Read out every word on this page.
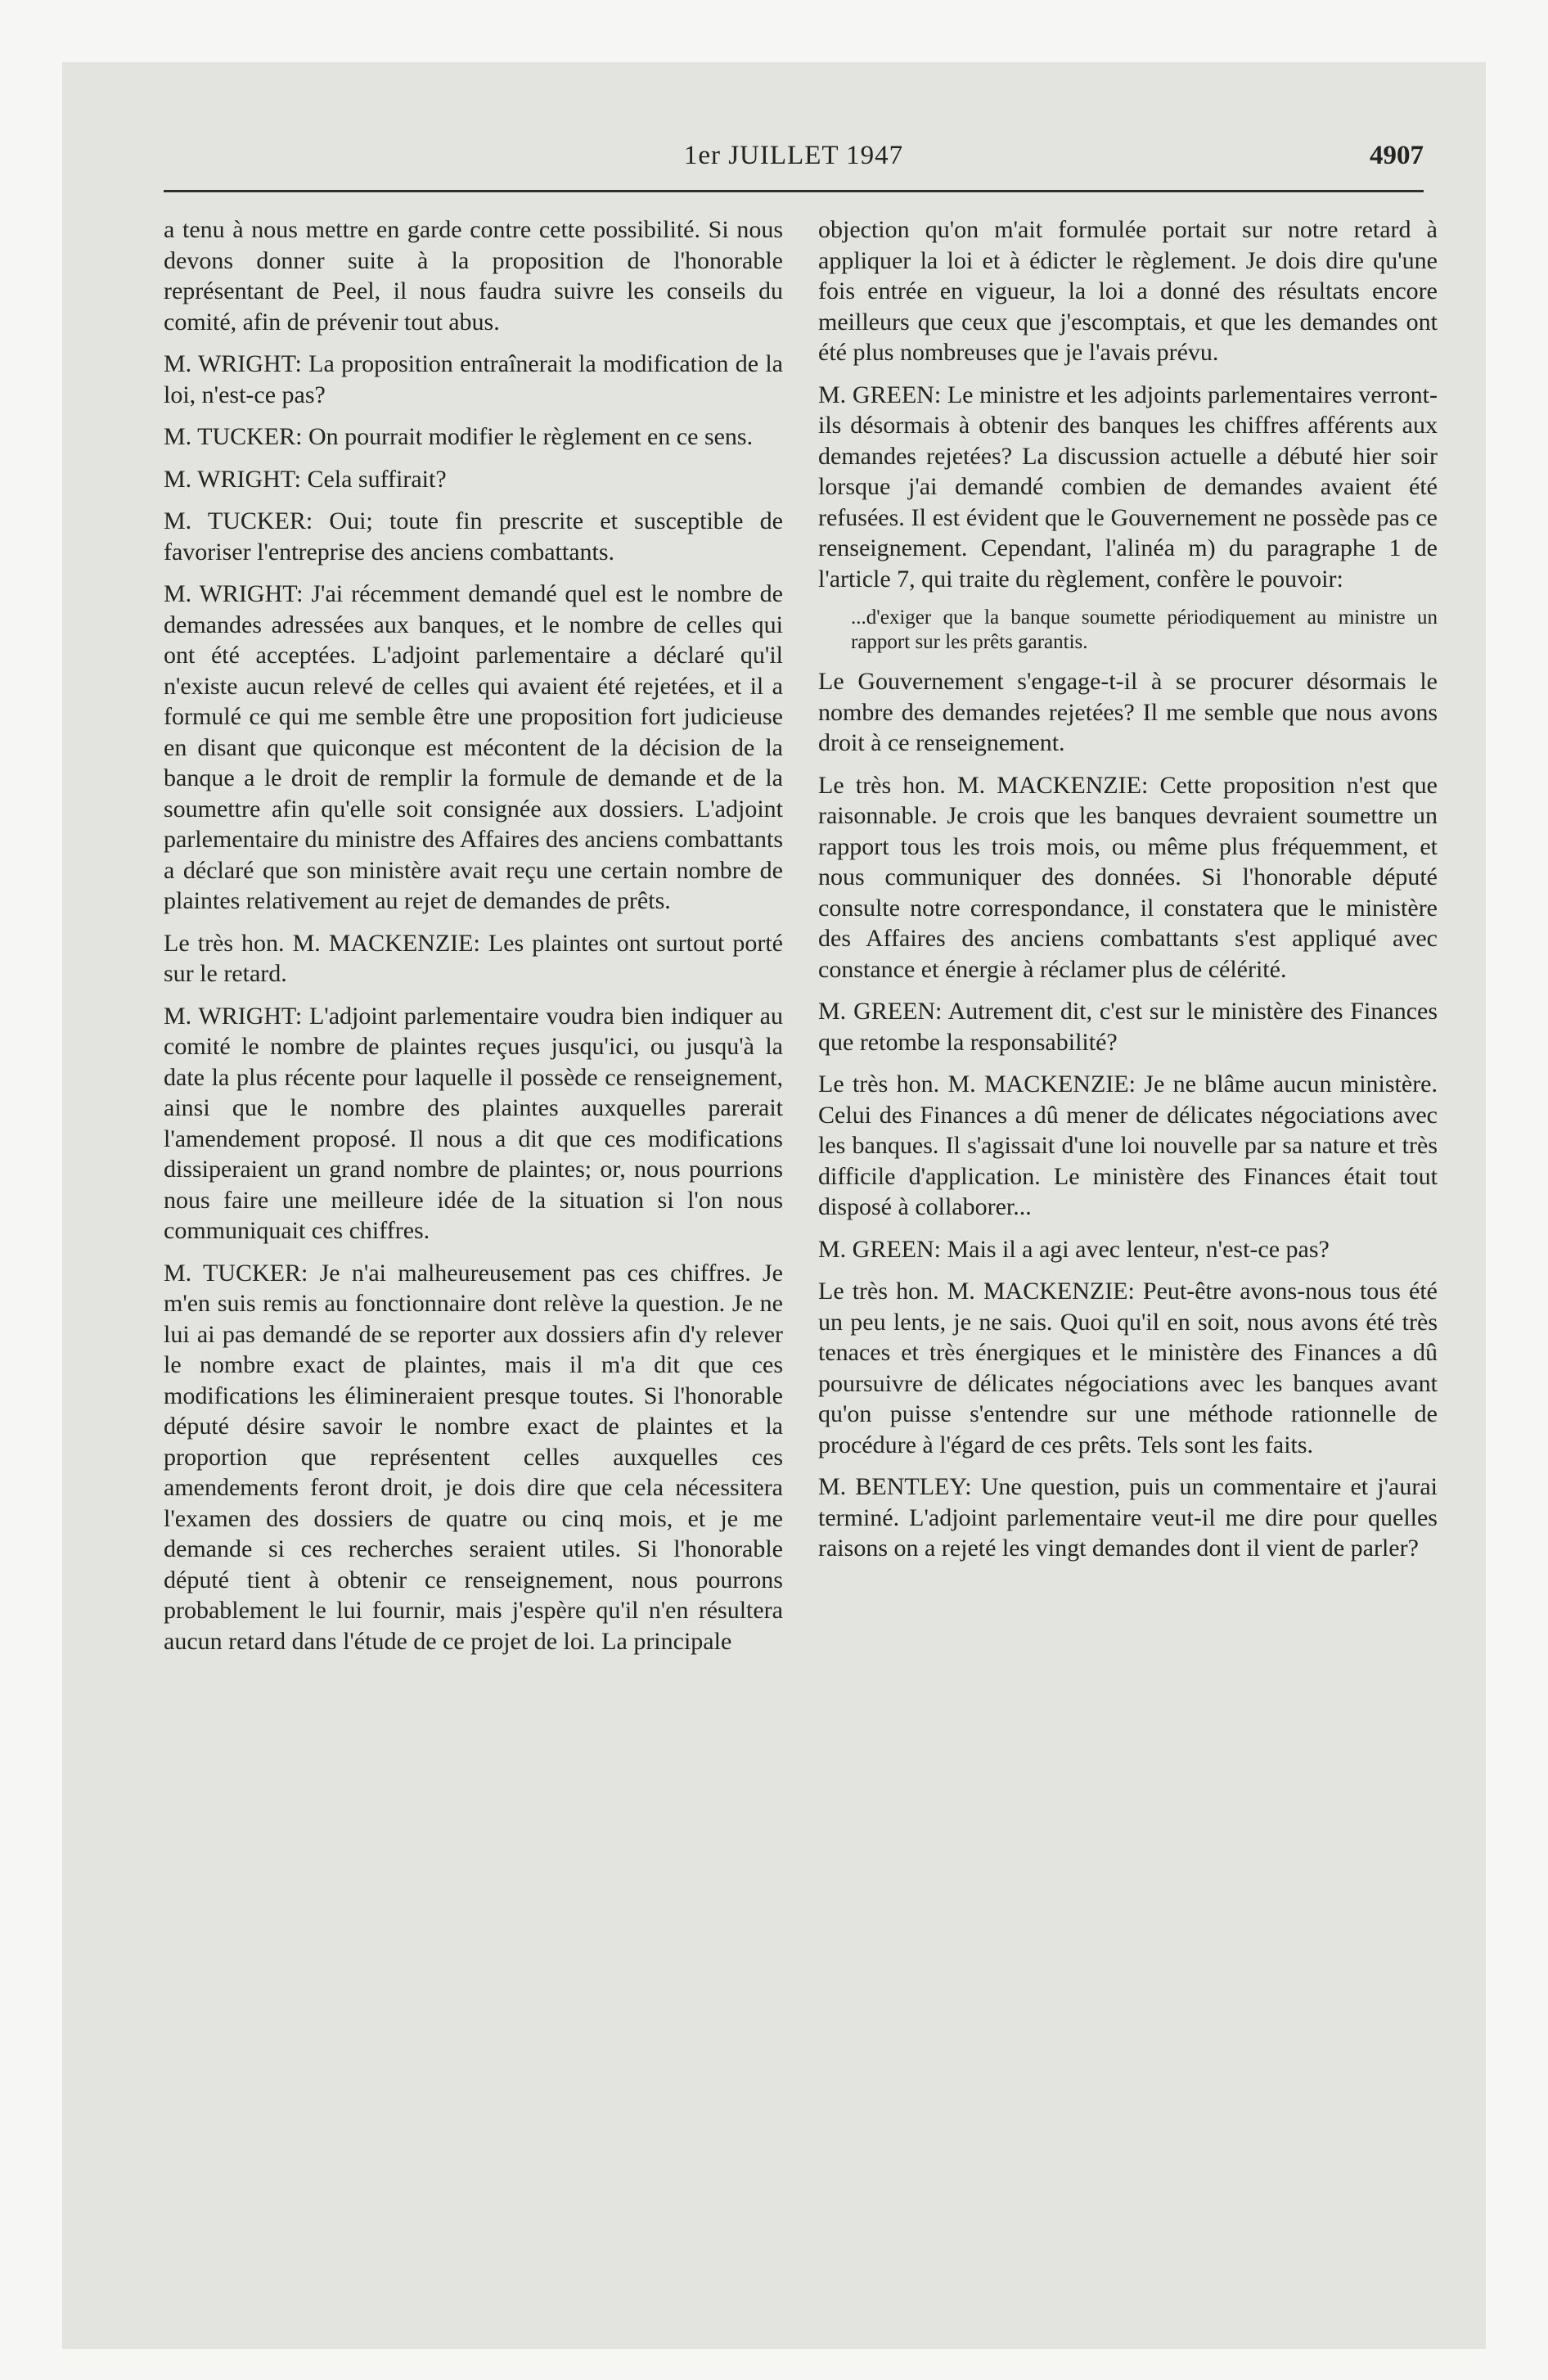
1er JUILLET 1947	4907

a tenu à nous mettre en garde contre cette possibilité. Si nous devons donner suite à la proposition de l'honorable représentant de Peel, il nous faudra suivre les conseils du comité, afin de prévenir tout abus.

M. WRIGHT: La proposition entraînerait la modification de la loi, n'est-ce pas?

M. TUCKER: On pourrait modifier le règlement en ce sens.

M. WRIGHT: Cela suffirait?

M. TUCKER: Oui; toute fin prescrite et susceptible de favoriser l'entreprise des anciens combattants.

M. WRIGHT: J'ai récemment demandé quel est le nombre de demandes adressées aux banques, et le nombre de celles qui ont été acceptées. L'adjoint parlementaire a déclaré qu'il n'existe aucun relevé de celles qui avaient été rejetées, et il a formulé ce qui me semble être une proposition fort judicieuse en disant que quiconque est mécontent de la décision de la banque a le droit de remplir la formule de demande et de la soumettre afin qu'elle soit consignée aux dossiers. L'adjoint parlementaire du ministre des Affaires des anciens combattants a déclaré que son ministère avait reçu une certain nombre de plaintes relativement au rejet de demandes de prêts.

Le très hon. M. MACKENZIE: Les plaintes ont surtout porté sur le retard.

M. WRIGHT: L'adjoint parlementaire voudra bien indiquer au comité le nombre de plaintes reçues jusqu'ici, ou jusqu'à la date la plus récente pour laquelle il possède ce renseignement, ainsi que le nombre des plaintes auxquelles parerait l'amendement proposé. Il nous a dit que ces modifications dissiperaient un grand nombre de plaintes; or, nous pourrions nous faire une meilleure idée de la situation si l'on nous communiquait ces chiffres.

M. TUCKER: Je n'ai malheureusement pas ces chiffres. Je m'en suis remis au fonctionnaire dont relève la question. Je ne lui ai pas demandé de se reporter aux dossiers afin d'y relever le nombre exact de plaintes, mais il m'a dit que ces modifications les élimineraient presque toutes. Si l'honorable député désire savoir le nombre exact de plaintes et la proportion que représentent celles auxquelles ces amendements feront droit, je dois dire que cela nécessitera l'examen des dossiers de quatre ou cinq mois, et je me demande si ces recherches seraient utiles. Si l'honorable député tient à obtenir ce renseignement, nous pourrons probablement le lui fournir, mais j'espère qu'il n'en résultera aucun retard dans l'étude de ce projet de loi. La principale

objection qu'on m'ait formulée portait sur notre retard à appliquer la loi et à édicter le règlement. Je dois dire qu'une fois entrée en vigueur, la loi a donné des résultats encore meilleurs que ceux que j'escomptais, et que les demandes ont été plus nombreuses que je l'avais prévu.

M. GREEN: Le ministre et les adjoints parlementaires verront-ils désormais à obtenir des banques les chiffres afférents aux demandes rejetées? La discussion actuelle a débuté hier soir lorsque j'ai demandé combien de demandes avaient été refusées. Il est évident que le Gouvernement ne possède pas ce renseignement. Cependant, l'alinéa m) du paragraphe 1 de l'article 7, qui traite du règlement, confère le pouvoir:

...d'exiger que la banque soumette périodiquement au ministre un rapport sur les prêts garantis.

Le Gouvernement s'engage-t-il à se procurer désormais le nombre des demandes rejetées? Il me semble que nous avons droit à ce renseignement.

Le très hon. M. MACKENZIE: Cette proposition n'est que raisonnable. Je crois que les banques devraient soumettre un rapport tous les trois mois, ou même plus fréquemment, et nous communiquer des données. Si l'honorable député consulte notre correspondance, il constatera que le ministère des Affaires des anciens combattants s'est appliqué avec constance et énergie à réclamer plus de célérité.

M. GREEN: Autrement dit, c'est sur le ministère des Finances que retombe la responsabilité?

Le très hon. M. MACKENZIE: Je ne blâme aucun ministère. Celui des Finances a dû mener de délicates négociations avec les banques. Il s'agissait d'une loi nouvelle par sa nature et très difficile d'application. Le ministère des Finances était tout disposé à collaborer...

M. GREEN: Mais il a agi avec lenteur, n'est-ce pas?

Le très hon. M. MACKENZIE: Peut-être avons-nous tous été un peu lents, je ne sais. Quoi qu'il en soit, nous avons été très tenaces et très énergiques et le ministère des Finances a dû poursuivre de délicates négociations avec les banques avant qu'on puisse s'entendre sur une méthode rationnelle de procédure à l'égard de ces prêts. Tels sont les faits.

M. BENTLEY: Une question, puis un commentaire et j'aurai terminé. L'adjoint parlementaire veut-il me dire pour quelles raisons on a rejeté les vingt demandes dont il vient de parler?
